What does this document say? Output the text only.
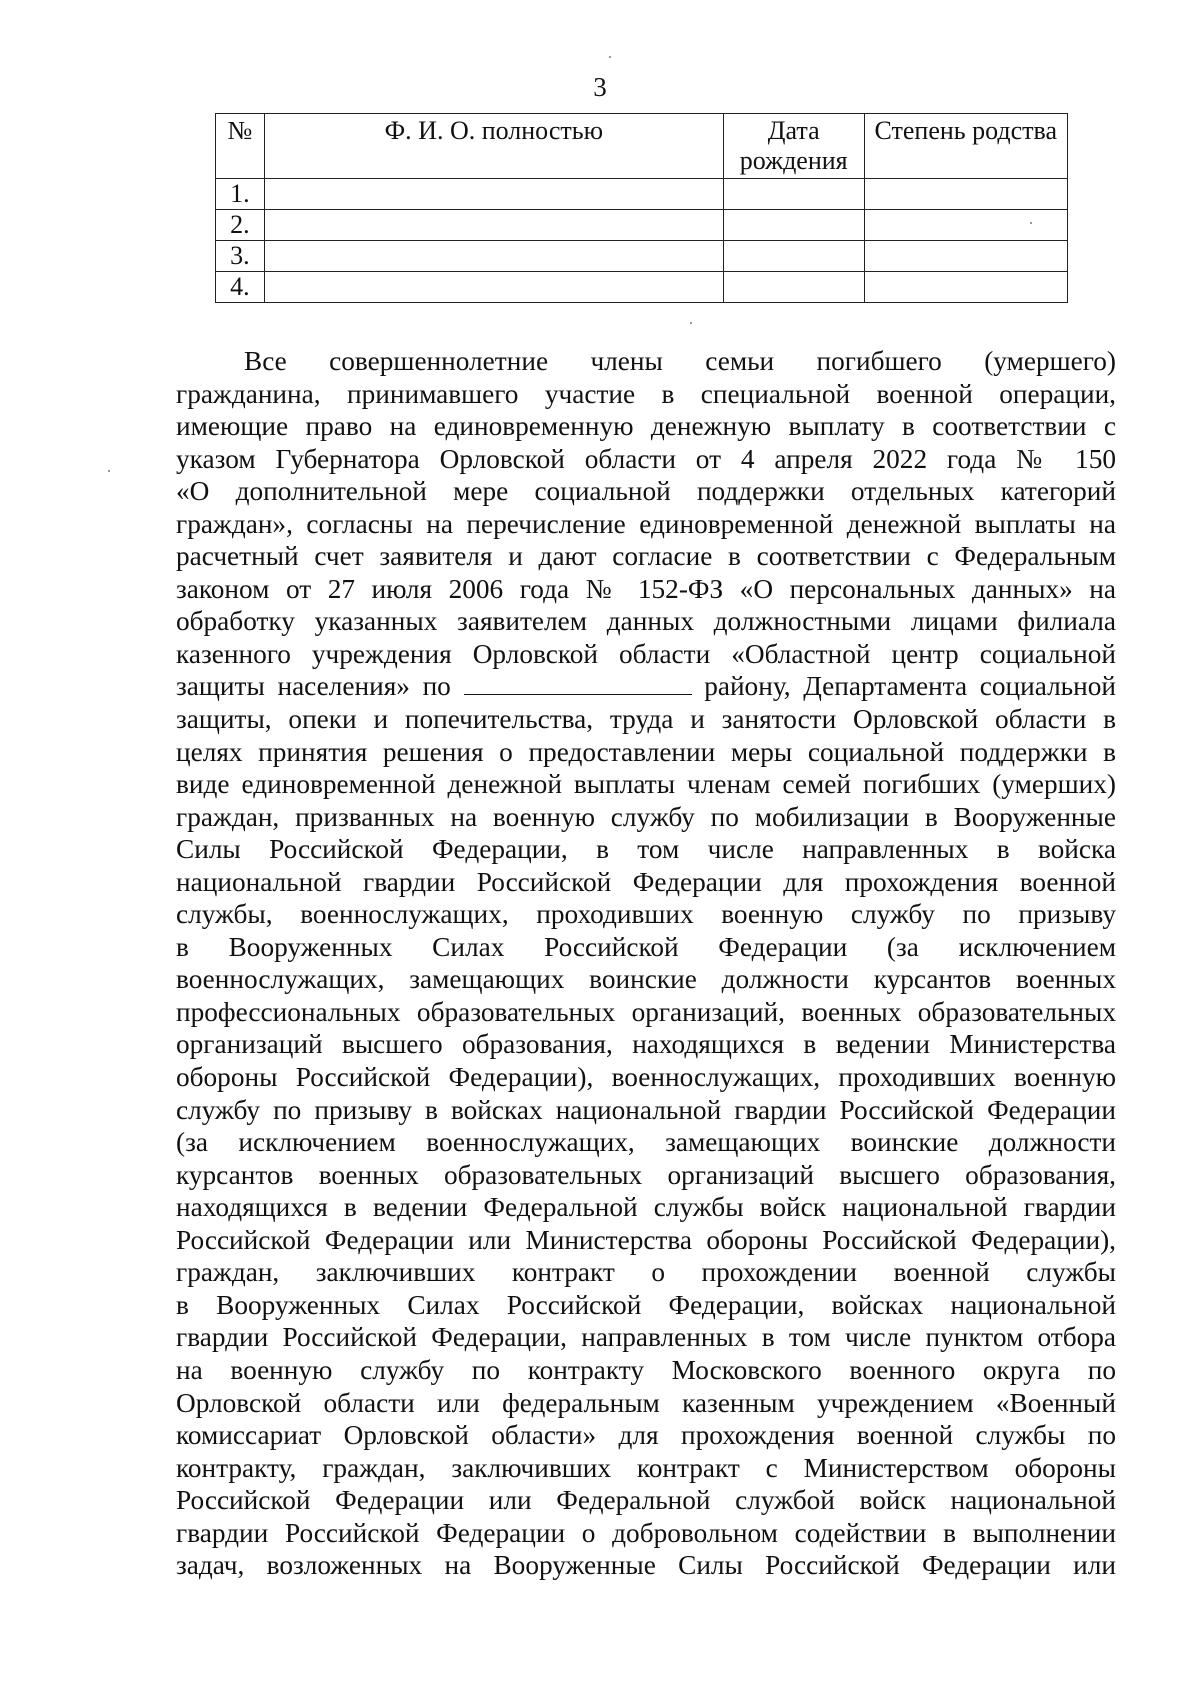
3
№	Ф. И. О. полностью	Дата рождения	Степень родства
1.			
2.			
3.			
4.			
Все совершеннолетние члены семьи погибшего (умершего)
гражданина, принимавшего участие в специальной военной операции,
имеющие право на единовременную денежную выплату в соответствии с
указом Губернатора Орловской области от 4 апреля 2022 года № 150
«О дополнительной мере социальной поддержки отдельных категорий
граждан», согласны на перечисление единовременной денежной выплаты на
расчетный счет заявителя и дают согласие в соответствии с Федеральным
законом от 27 июля 2006 года № 152-ФЗ «О персональных данных» на
обработку указанных заявителем данных должностными лицами филиала
казенного учреждения Орловской области «Областной центр социальной
защиты населения» по	району, Департамента социальной
защиты, опеки и попечительства, труда и занятости Орловской области в
целях принятия решения о предоставлении меры социальной поддержки в
виде единовременной денежной выплаты членам семей погибших (умерших)
граждан, призванных на военную службу по мобилизации в Вооруженные
Силы Российской Федерации, в том числе направленных в войска
национальной гвардии Российской Федерации для прохождения военной
службы, военнослужащих, проходивших военную службу по призыву
в Вооруженных Силах Российской Федерации (за исключением
военнослужащих, замещающих воинские должности курсантов военных
профессиональных образовательных организаций, военных образовательных
организаций высшего образования, находящихся в ведении Министерства
обороны Российской Федерации), военнослужащих, проходивших военную
службу по призыву в войсках национальной гвардии Российской Федерации
(за исключением военнослужащих, замещающих воинские должности
курсантов военных образовательных организаций высшего образования,
находящихся в ведении Федеральной службы войск национальной гвардии
Российской Федерации или Министерства обороны Российской Федерации),
граждан, заключивших контракт о прохождении военной службы
в Вооруженных Силах Российской Федерации, войсках национальной
гвардии Российской Федерации, направленных в том числе пунктом отбора
на военную службу по контракту Московского военного округа по
Орловской области или федеральным казенным учреждением «Военный
комиссариат Орловской области» для прохождения военной службы по
контракту, граждан, заключивших контракт с Министерством обороны
Российской Федерации или Федеральной службой войск национальной
гвардии Российской Федерации о добровольном содействии в выполнении
задач, возложенных на Вооруженные Силы Российской Федерации или
